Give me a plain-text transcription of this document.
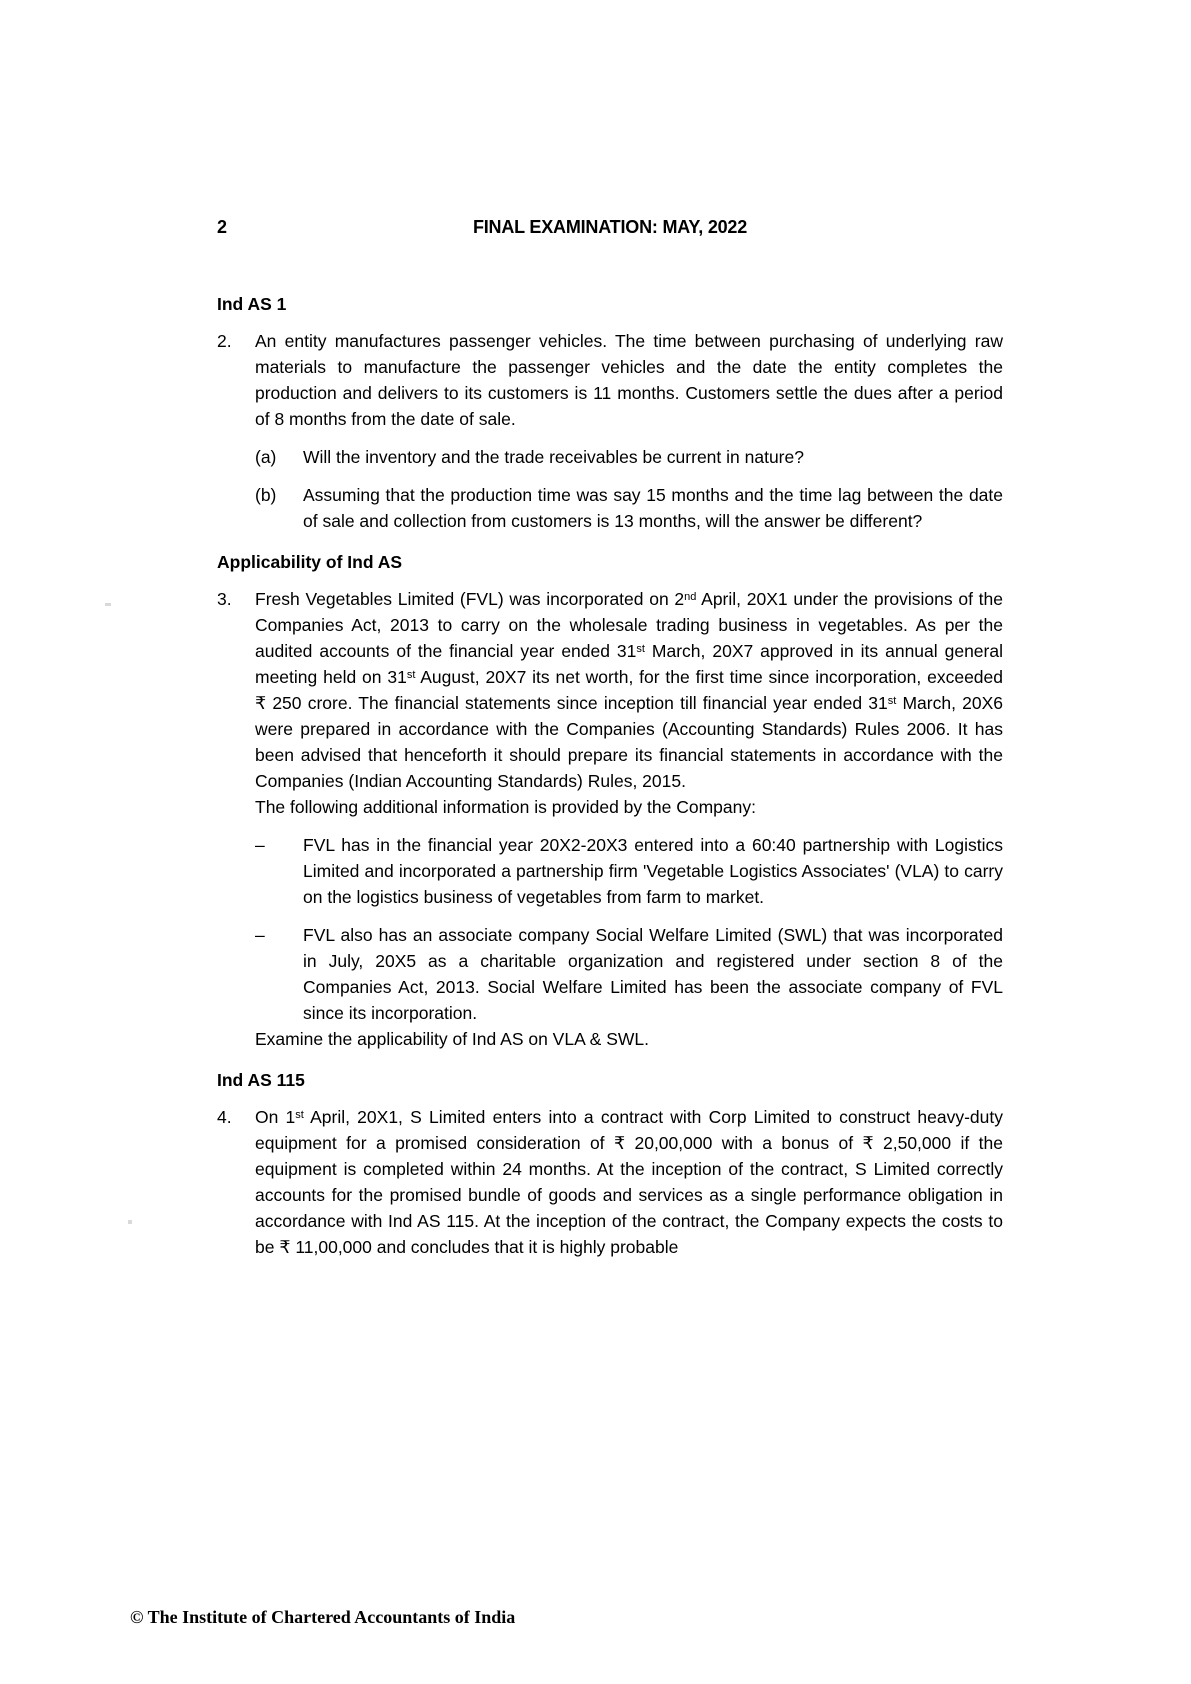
2	FINAL EXAMINATION: MAY, 2022
Ind AS 1
2.	An entity manufactures passenger vehicles. The time between purchasing of underlying raw materials to manufacture the passenger vehicles and the date the entity completes the production and delivers to its customers is 11 months. Customers settle the dues after a period of 8 months from the date of sale.

(a)	Will the inventory and the trade receivables be current in nature?

(b)	Assuming that the production time was say 15 months and the time lag between the date of sale and collection from customers is 13 months, will the answer be different?

Applicability of Ind AS
3.	Fresh Vegetables Limited (FVL) was incorporated on 2nd April, 20X1 under the provisions of the Companies Act, 2013 to carry on the wholesale trading business in vegetables. As per the audited accounts of the financial year ended 31st March, 20X7 approved in its annual general meeting held on 31st August, 20X7 its net worth, for the first time since incorporation, exceeded ₹ 250 crore. The financial statements since inception till financial year ended 31st March, 20X6 were prepared in accordance with the Companies (Accounting Standards) Rules 2006. It has been advised that henceforth it should prepare its financial statements in accordance with the Companies (Indian Accounting Standards) Rules, 2015.

The following additional information is provided by the Company:

–	FVL has in the financial year 20X2-20X3 entered into a 60:40 partnership with Logistics Limited and incorporated a partnership firm 'Vegetable Logistics Associates' (VLA) to carry on the logistics business of vegetables from farm to market.

–	FVL also has an associate company Social Welfare Limited (SWL) that was incorporated in July, 20X5 as a charitable organization and registered under section 8 of the Companies Act, 2013. Social Welfare Limited has been the associate company of FVL since its incorporation.

Examine the applicability of Ind AS on VLA & SWL.

Ind AS 115
4.	On 1st April, 20X1, S Limited enters into a contract with Corp Limited to construct heavy-duty equipment for a promised consideration of ₹ 20,00,000 with a bonus of ₹ 2,50,000 if the equipment is completed within 24 months. At the inception of the contract, S Limited correctly accounts for the promised bundle of goods and services as a single performance obligation in accordance with Ind AS 115. At the inception of the contract, the Company expects the costs to be ₹ 11,00,000 and concludes that it is highly probable

© The Institute of Chartered Accountants of India
